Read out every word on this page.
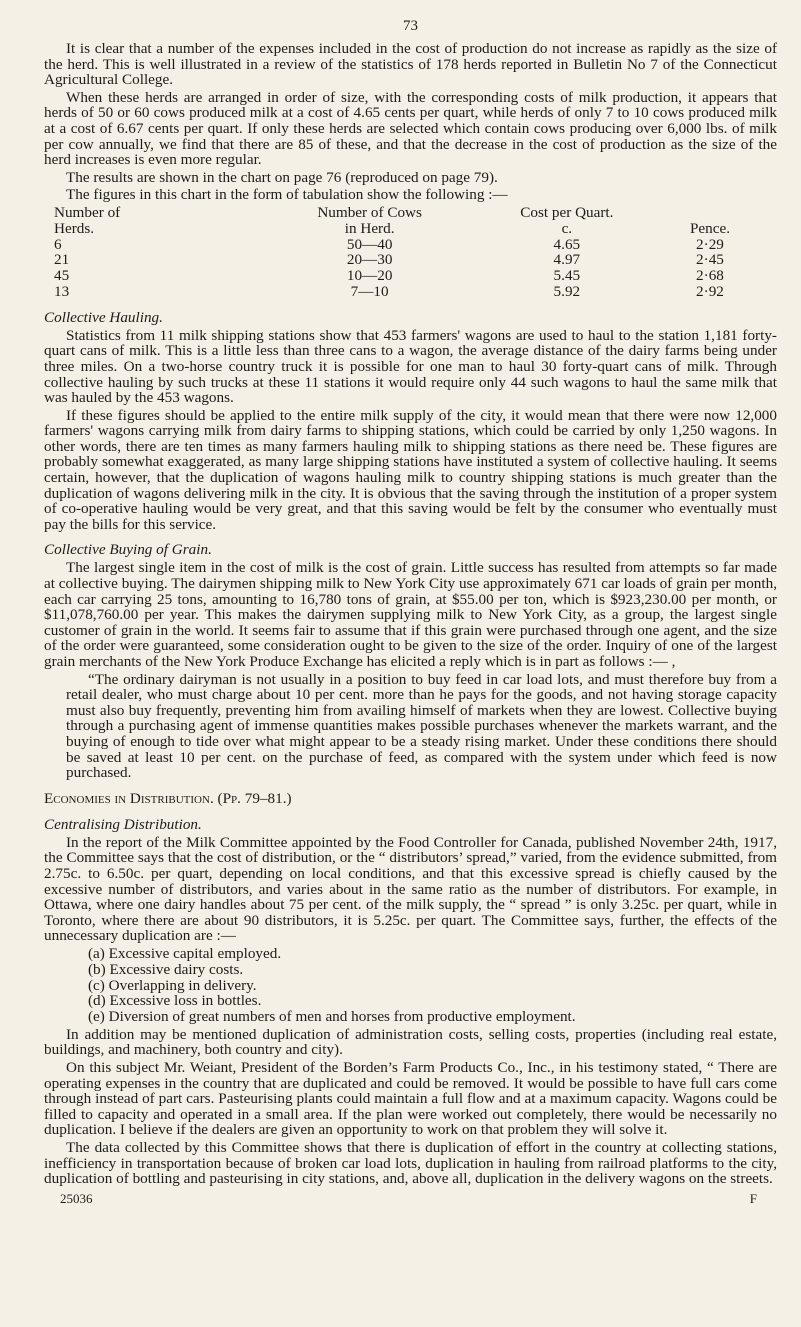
73

It is clear that a number of the expenses included in the cost of production do not increase as rapidly as the size of the herd. This is well illustrated in a review of the statistics of 178 herds reported in Bulletin No 7 of the Connecticut Agricultural College.

When these herds are arranged in order of size, with the corresponding costs of milk production, it appears that herds of 50 or 60 cows produced milk at a cost of 4.65 cents per quart, while herds of only 7 to 10 cows produced milk at a cost of 6.67 cents per quart. If only these herds are selected which contain cows producing over 6,000 lbs. of milk per cow annually, we find that there are 85 of these, and that the decrease in the cost of production as the size of the herd increases is even more regular.

The results are shown in the chart on page 76 (reproduced on page 79).

The figures in this chart in the form of tabulation show the following :—

Number of	Number of Cows	Cost per Quart.	
Herds.	in Herd.	c.	Pence.
6	50—40	4.65	2·29
21	20—30	4.97	2·45
45	10—20	5.45	2·68
13	7—10	5.92	2·92
Collective Hauling.

Statistics from 11 milk shipping stations show that 453 farmers' wagons are used to haul to the station 1,181 forty-quart cans of milk. This is a little less than three cans to a wagon, the average distance of the dairy farms being under three miles. On a two-horse country truck it is possible for one man to haul 30 forty-quart cans of milk. Through collective hauling by such trucks at these 11 stations it would require only 44 such wagons to haul the same milk that was hauled by the 453 wagons.

If these figures should be applied to the entire milk supply of the city, it would mean that there were now 12,000 farmers' wagons carrying milk from dairy farms to shipping stations, which could be carried by only 1,250 wagons. In other words, there are ten times as many farmers hauling milk to shipping stations as there need be. These figures are probably somewhat exaggerated, as many large shipping stations have instituted a system of collective hauling. It seems certain, however, that the duplication of wagons hauling milk to country shipping stations is much greater than the duplication of wagons delivering milk in the city. It is obvious that the saving through the institution of a proper system of co-operative hauling would be very great, and that this saving would be felt by the consumer who eventually must pay the bills for this service.

Collective Buying of Grain.

The largest single item in the cost of milk is the cost of grain. Little success has resulted from attempts so far made at collective buying. The dairymen shipping milk to New York City use approximately 671 car loads of grain per month, each car carrying 25 tons, amounting to 16,780 tons of grain, at $55.00 per ton, which is $923,230.00 per month, or $11,078,760.00 per year. This makes the dairymen supplying milk to New York City, as a group, the largest single customer of grain in the world. It seems fair to assume that if this grain were purchased through one agent, and the size of the order were guaranteed, some consideration ought to be given to the size of the order. Inquiry of one of the largest grain merchants of the New York Produce Exchange has elicited a reply which is in part as follows :— ,

“The ordinary dairyman is not usually in a position to buy feed in car load lots, and must therefore buy from a retail dealer, who must charge about 10 per cent. more than he pays for the goods, and not having storage capacity must also buy frequently, preventing him from availing himself of markets when they are lowest. Collective buying through a purchasing agent of immense quantities makes possible purchases whenever the markets warrant, and the buying of enough to tide over what might appear to be a steady rising market. Under these conditions there should be saved at least 10 per cent. on the purchase of feed, as compared with the system under which feed is now purchased.

Economies in Distribution. (Pp. 79–81.)
Centralising Distribution.

In the report of the Milk Committee appointed by the Food Controller for Canada, published November 24th, 1917, the Committee says that the cost of distribution, or the “ distributors’ spread,” varied, from the evidence submitted, from 2.75c. to 6.50c. per quart, depending on local conditions, and that this excessive spread is chiefly caused by the excessive number of distributors, and varies about in the same ratio as the number of distributors. For example, in Ottawa, where one dairy handles about 75 per cent. of the milk supply, the “ spread ” is only 3.25c. per quart, while in Toronto, where there are about 90 distributors, it is 5.25c. per quart. The Committee says, further, the effects of the unnecessary duplication are :—

(a) Excessive capital employed.
(b) Excessive dairy costs.
(c) Overlapping in delivery.
(d) Excessive loss in bottles.
(e) Diversion of great numbers of men and horses from productive employment.

In addition may be mentioned duplication of administration costs, selling costs, properties (including real estate, buildings, and machinery, both country and city).

On this subject Mr. Weiant, President of the Borden’s Farm Products Co., Inc., in his testimony stated, “ There are operating expenses in the country that are duplicated and could be removed. It would be possible to have full cars come through instead of part cars. Pasteurising plants could maintain a full flow and at a maximum capacity. Wagons could be filled to capacity and operated in a small area. If the plan were worked out completely, there would be necessarily no duplication. I believe if the dealers are given an opportunity to work on that problem they will solve it.

The data collected by this Committee shows that there is duplication of effort in the country at collecting stations, inefficiency in transportation because of broken car load lots, duplication in hauling from railroad platforms to the city, duplication of bottling and pasteurising in city stations, and, above all, duplication in the delivery wagons on the streets.

25036	F
